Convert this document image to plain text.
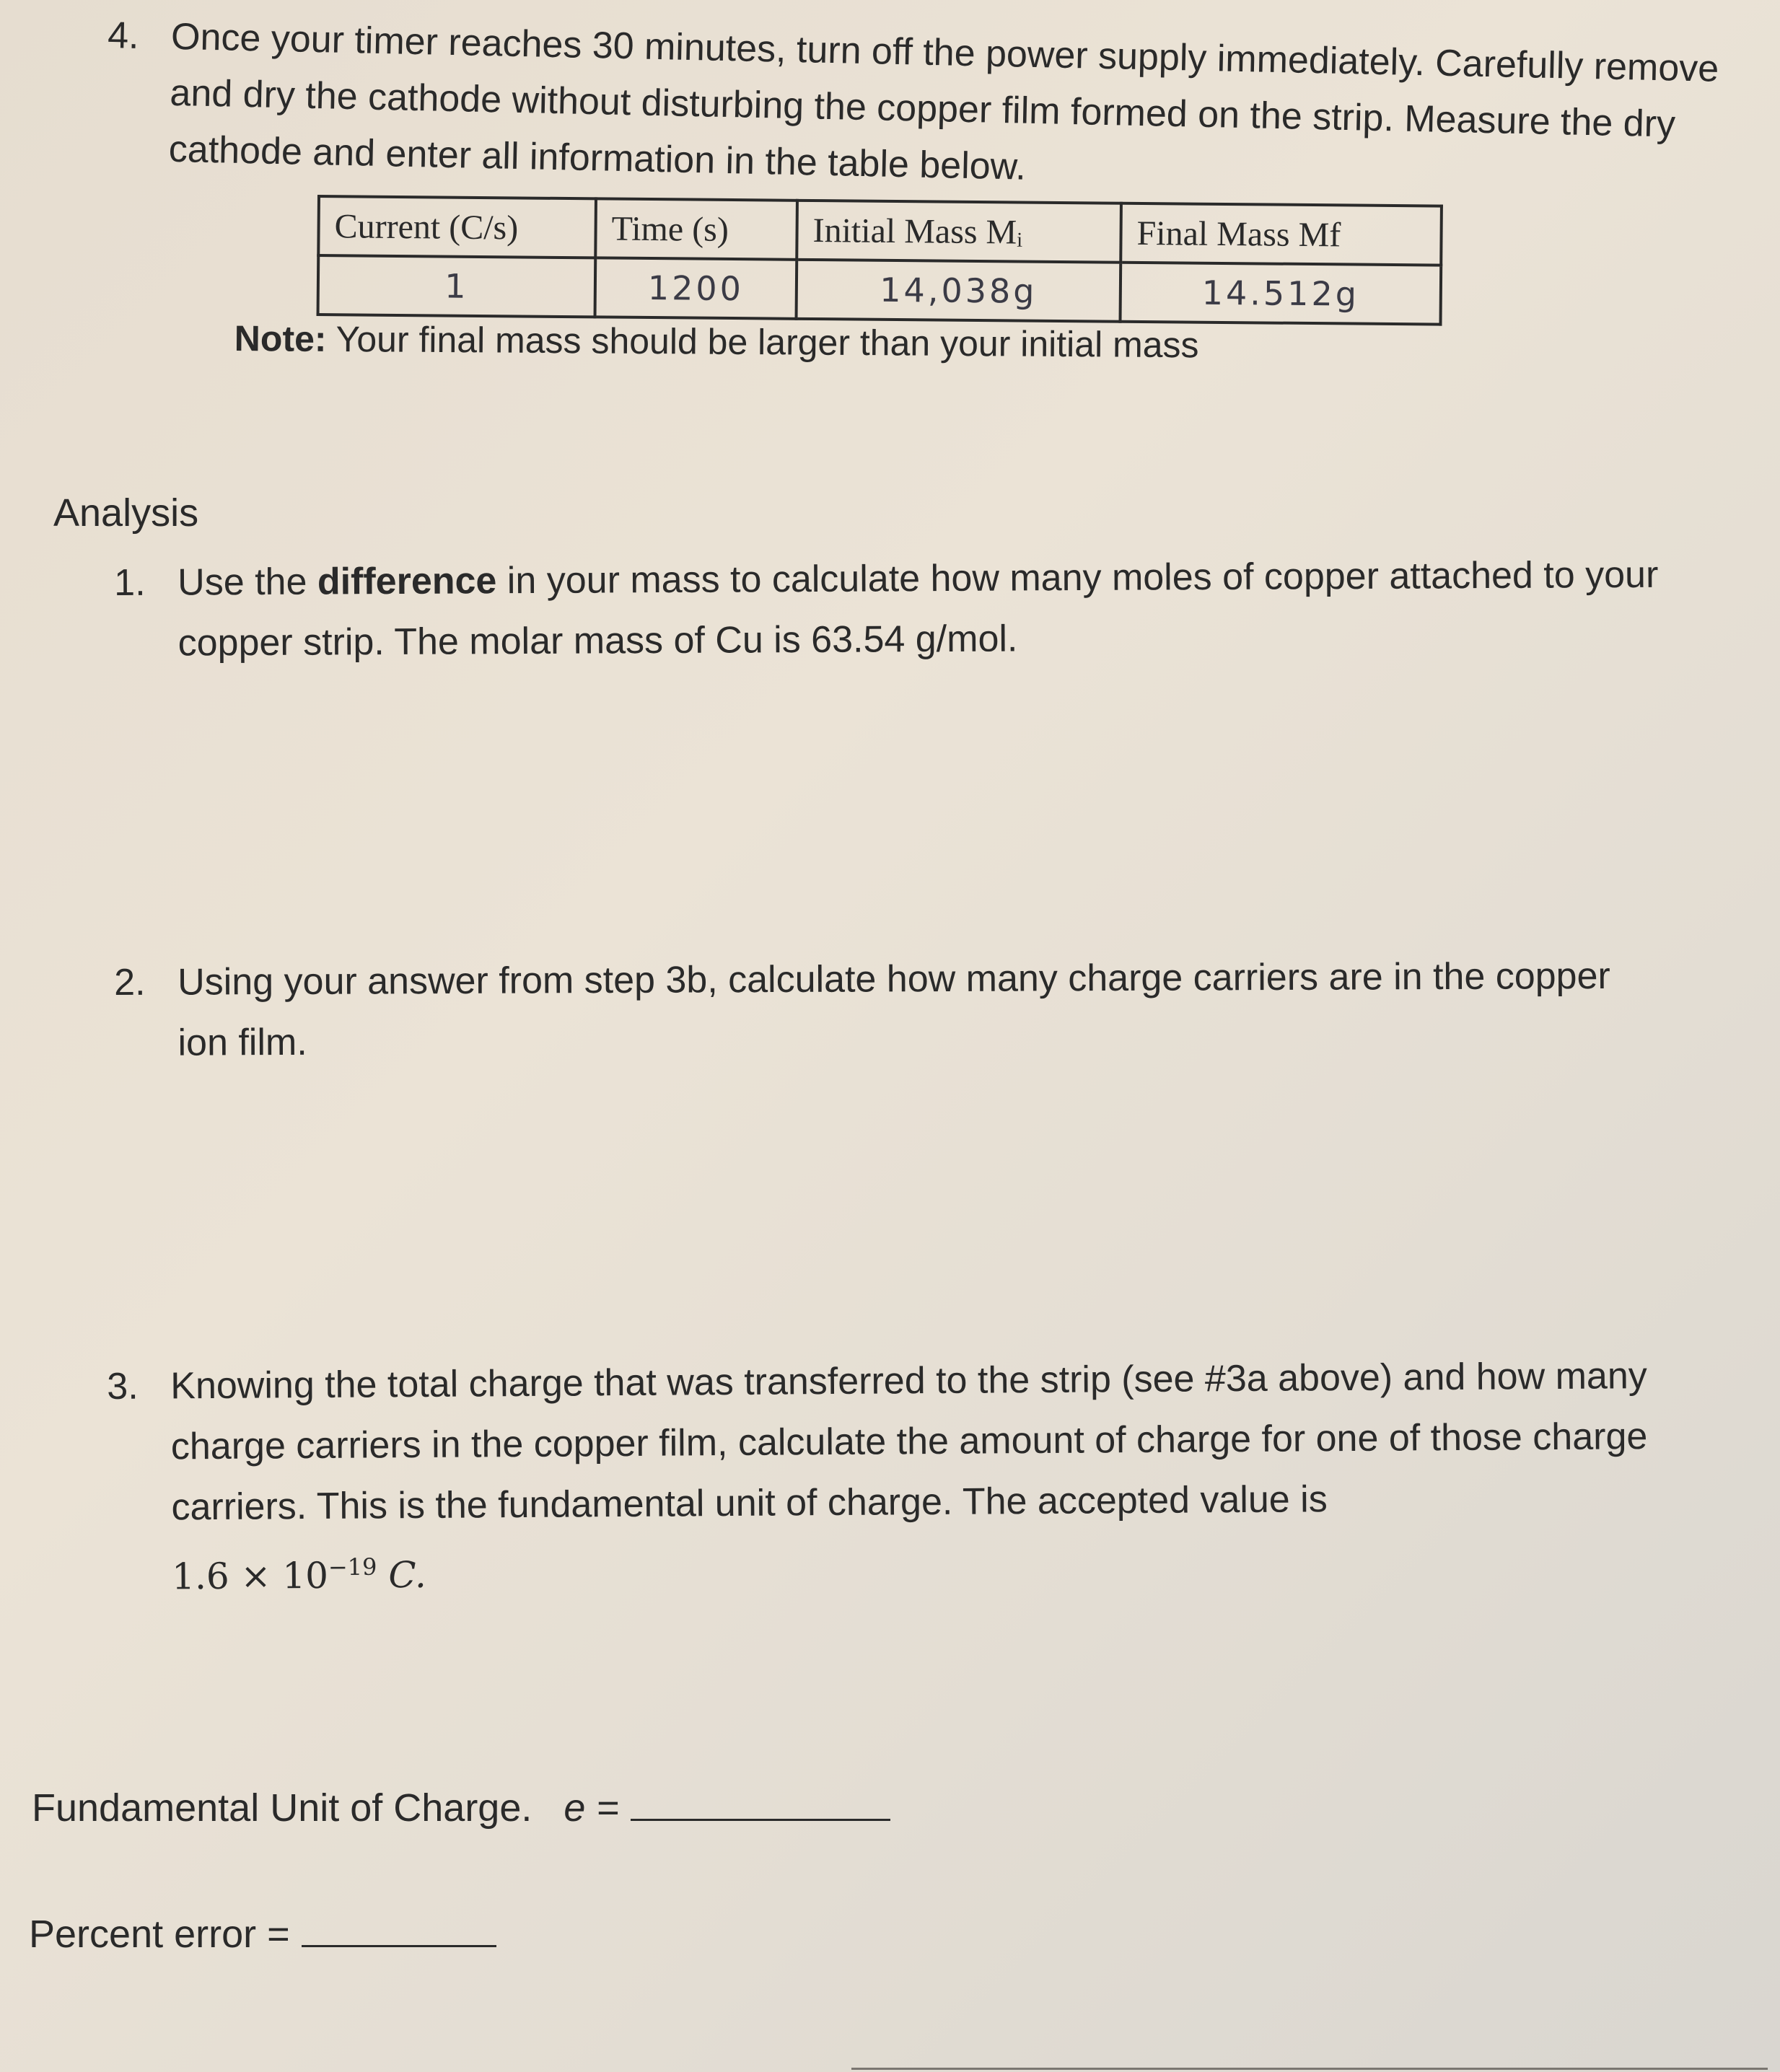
4. Once your timer reaches 30 minutes, turn off the power supply immediately. Carefully remove and dry the cathode without disturbing the copper film formed on the strip. Measure the dry cathode and enter all information in the table below.
Current (C/s)	Time (s)	Initial Mass Mᵢ	Final Mass Mf
1	1200	14,038g	14.512g
Note: Your final mass should be larger than your initial mass
Analysis
1. Use the difference in your mass to calculate how many moles of copper attached to your copper strip. The molar mass of Cu is 63.54 g/mol.
2. Using your answer from step 3b, calculate how many charge carriers are in the copper ion film.
3. Knowing the total charge that was transferred to the strip (see #3a above) and how many charge carriers in the copper film, calculate the amount of charge for one of those charge carriers. This is the fundamental unit of charge. The accepted value is
$1.6 \times 10^{-19}$ C.
Fundamental Unit of Charge. e =
Percent error =
